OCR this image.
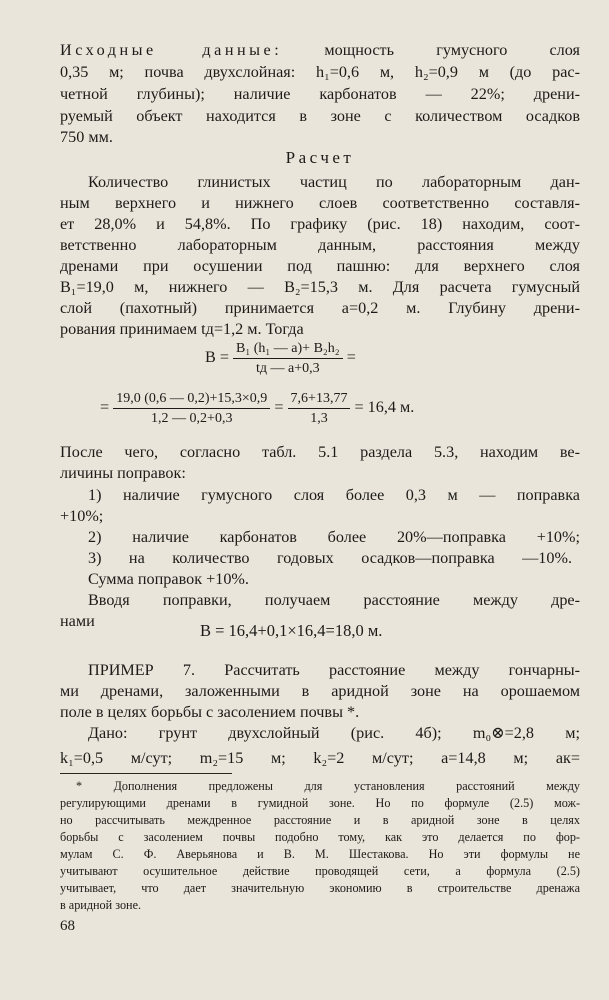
Исходные данные: мощность гумусного слоя
0,35 м; почва двухслойная: h₁=0,6 м, h₂=0,9 м (до рас-
четной глубины); наличие карбонатов — 22%; дрени-
руемый объект находится в зоне с количеством осадков
750 мм.
Расчет
Количество глинистых частиц по лабораторным дан-
ным верхнего и нижнего слоев соответственно составля-
ет 28,0% и 54,8%. По графику (рис. 18) находим, соот-
ветственно лабораторным данным, расстояния между
дренами при осушении под пашню: для верхнего слоя
B₁=19,0 м, нижнего — B₂=15,3 м. Для расчета гумусный
слой (пахотный) принимается a=0,2 м. Глубину дрени-
рования принимаем tд=1,2 м. Тогда
$B = \frac{\text{B₁ (h₁ — a)+ B₂h₂}}{tд — a+0,3}$ =
= $\frac{19,0 (0,6 — 0,2)+15,3\times 0,9}{1,2 — 0,2+0,3} = \frac{7,6+13,77}{1,3} = 16,4$ м.
После чего, согласно табл. 5.1 раздела 5.3, находим ве-
личины поправок:
1) наличие гумусного слоя более 0,3 м — поправка
+10%;
2) наличие карбонатов более 20%—поправка +10%;
3) на количество годовых осадков—поправка —10%.
Сумма поправок +10%.
Вводя поправки, получаем расстояние между дре-
нами	B = 16,4+0,1×16,4=18,0 м.
ПРИМЕР 7. Рассчитать расстояние между гончарны-
ми дренами, заложенными в аридной зоне на орошаемом
поле в целях борьбы с засолением почвы *.
Дано: грунт двухслойный (рис. 4б); m₀⊗=2,8 м;
k₁=0,5 м/сут; m₂=15 м; k₂=2 м/сут; a=14,8 м; aк=
* Дополнения предложены для установления расстояний между
регулирующими дренами в гумидной зоне. Но по формуле (2.5) мож-
но рассчитывать междренное расстояние и в аридной зоне в целях
борьбы с засолением почвы подобно тому, как это делается по фор-
мулам С. Ф. Аверьянова и В. М. Шестакова. Но эти формулы не
учитывают осушительное действие проводящей сети, а формула (2.5)
учитывает, что дает значительную экономию в строительстве дренажа
в аридной зоне.
68
